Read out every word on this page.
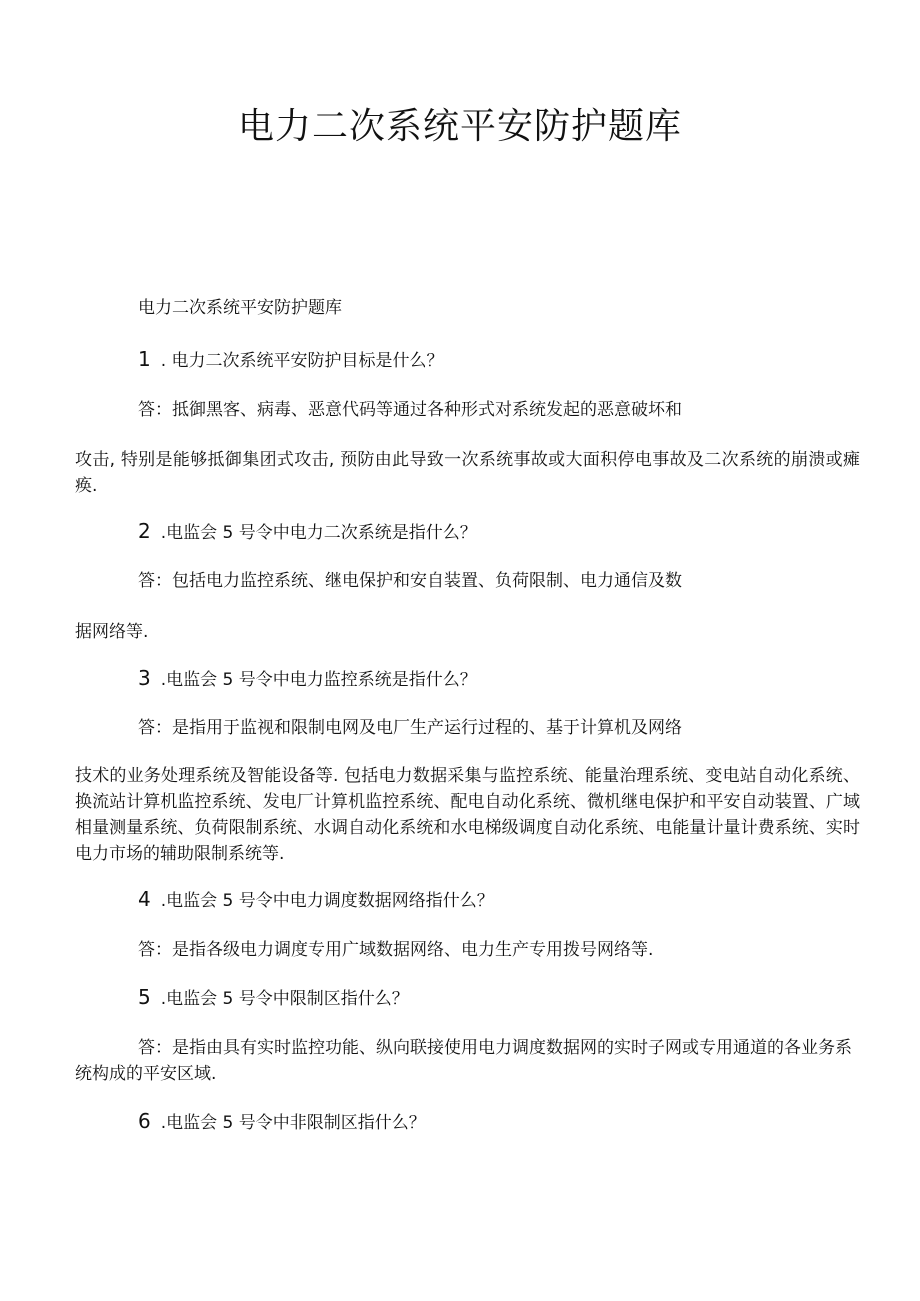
电力二次系统平安防护题库

电力二次系统平安防护题库

1 . 电力二次系统平安防护目标是什么？

答：抵御黑客、病毒、恶意代码等通过各种形式对系统发起的恶意破坏和

攻击, 特别是能够抵御集团式攻击, 预防由此导致一次系统事故或大面积停电事故及二次系统的崩溃或瘫痪.

2 .电监会 5 号令中电力二次系统是指什么？

答：包括电力监控系统、继电保护和安自装置、负荷限制、电力通信及数

据网络等.

3 .电监会 5 号令中电力监控系统是指什么？

答：是指用于监视和限制电网及电厂生产运行过程的、基于计算机及网络

技术的业务处理系统及智能设备等. 包括电力数据采集与监控系统、能量治理系统、变电站自动化系统、换流站计算机监控系统、发电厂计算机监控系统、配电自动化系统、微机继电保护和平安自动装置、广域相量测量系统、负荷限制系统、水调自动化系统和水电梯级调度自动化系统、电能量计量计费系统、实时电力市场的辅助限制系统等.

4 .电监会 5 号令中电力调度数据网络指什么？

答：是指各级电力调度专用广域数据网络、电力生产专用拨号网络等.

5 .电监会 5 号令中限制区指什么？

答：是指由具有实时监控功能、纵向联接使用电力调度数据网的实时子网或专用通道的各业务系统构成的平安区域.

6 .电监会 5 号令中非限制区指什么？
